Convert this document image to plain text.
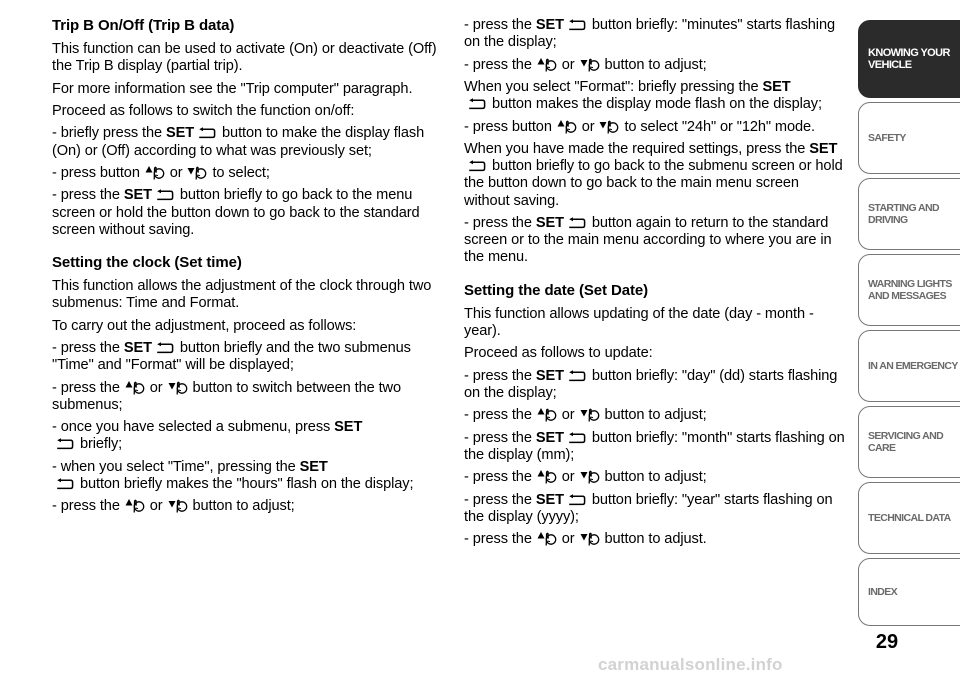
Trip B On/Off (Trip B data)

This function can be used to activate (On) or deactivate (Off) the Trip B display (partial trip).

For more information see the "Trip computer" paragraph.

Proceed as follows to switch the function on/off:

- briefly press the SET
button to make the display flash (On) or (Off) according to what was previously set;

- press button
or
to select;

- press the SET
button briefly to go back to the menu screen or hold the button down to go back to the standard screen without saving.

Setting the clock (Set time)

This function allows the adjustment of the clock through two submenus: Time and Format.

To carry out the adjustment, proceed as follows:

- press the SET
button briefly and the two submenus "Time" and "Format" will be displayed;

- press the
or
button to switch between the two submenus;

- once you have selected a submenu, press SET

briefly;

- when you select "Time", pressing the SET

button briefly makes the "hours" flash on the display;

- press the
or
button to adjust;

- press the SET
button briefly: "minutes" starts flashing on the display;

- press the
or
button to adjust;

When you select "Format": briefly pressing the SET

button makes the display mode flash on the display;

- press button
or
to select "24h" or "12h" mode.

When you have made the required settings, press the SET
button briefly to go back to the submenu screen or hold the button down to go back to the main menu screen without saving.

- press the SET
button again to return to the standard screen or to the main menu according to where you are in the menu.

Setting the date (Set Date)

This function allows updating of the date (day - month - year).

Proceed as follows to update:

- press the SET
button briefly: "day" (dd) starts flashing on the display;

- press the
or
button to adjust;

- press the SET
button briefly: "month" starts flashing on the display (mm);

- press the
or
button to adjust;

- press the SET
button briefly: "year" starts flashing on the display (yyyy);

- press the
or
button to adjust.

KNOWING YOUR
VEHICLE
SAFETY
STARTING AND
DRIVING
WARNING LIGHTS
AND MESSAGES
IN AN EMERGENCY
SERVICING AND
CARE
TECHNICAL DATA
INDEX
29
carmanualsonline.info
